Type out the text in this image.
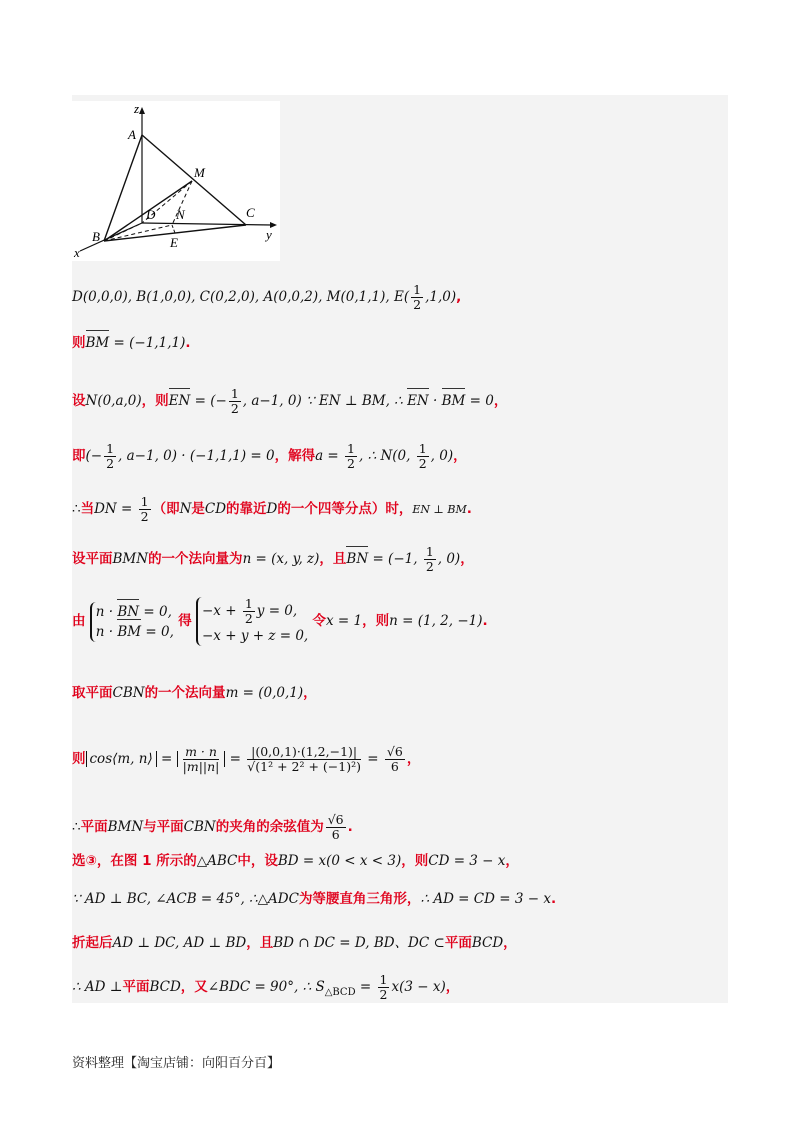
z
A
M
D N	C
y
B	E
x
D(0,0,0), B(1,0,0), C(0,2,0), A(0,0,2), M(0,1,1), $E( \frac{1}{2} ,1,0)$,
则BM = (−1,1,1).
设N(0,a,0)，则EN = (− $\frac{1}{2}$ , a−1, 0) ∵ EN ⊥ BM, ∴ EN · BM = 0，
即(− $\frac{1}{2}$ , a−1, 0) · (−1,1,1) = 0，解得$a = \frac{1}{2}$ , ∴ N(0, $\frac{1}{2}$ , 0)，
∴当DN = $\frac{1}{2}$ （即N是CD的靠近D的一个四等分点）时，EN ⊥ BM.
设平面BMN的一个法向量为n = (x, y, z)，且BN = (−1, $\frac{1}{2}$ , 0)，
由
n · BN = 0,
n · BM = 0,
得
$-x + \frac{1}{2}$ y = 0,
−x + y + z = 0,
令x = 1，则n = (1, 2, −1).
取平面CBN的一个法向量m = (0,0,1)，
则 cos⟨m, n⟩ = $\frac{m \cdot n}{|m||n|} = \frac{|(0,0,1)\cdot(1,2,-1)|}{\text{√(1² + 2² + (−1)²)}} = \frac{√6}{6}$ ，
∴平面BMN与平面CBN的夹角的余弦值为 $\frac{√6}{6}$ .
选③，在图 1 所示的△ABC中，设BD = x(0 < x < 3)，则CD = 3 − x，
∵ AD ⊥ BC, ∠ACB = 45°, ∴△ADC为等腰直角三角形，∴ AD = CD = 3 − x.
折起后AD ⊥ DC, AD ⊥ BD，且BD ∩ DC = D, BD、DC ⊂平面BCD，
∴ AD ⊥平面BCD，又∠BDC = 90°, ∴ $S_{\triangle BCD} = \frac{1}{2} x(3 - x)$，
资料整理【淘宝店铺：向阳百分百】
